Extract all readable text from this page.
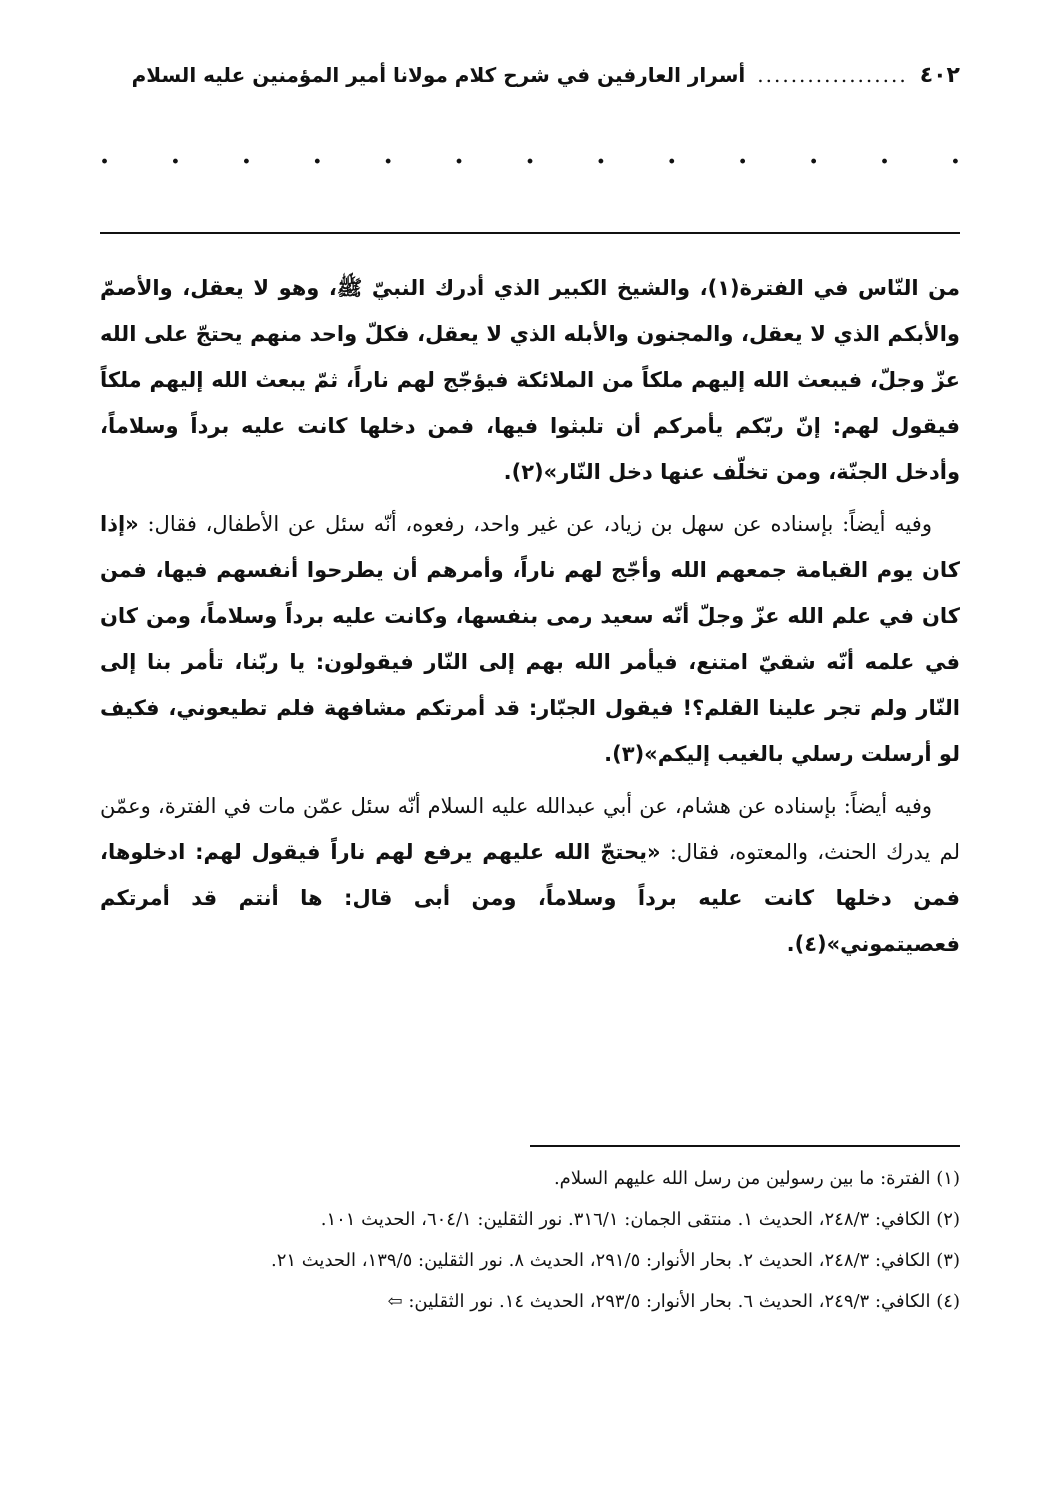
٤٠٢
..................
أسرار العارفين في شرح كلام مولانا أمير المؤمنين عليه السلام
.
.
.
.
.
.
.
.
.
.
.
.
.

من النّاس في الفترة(١)، والشيخ الكبير الذي أدرك النبيّ ﷺ، وهو لا يعقل، والأصمّ والأبكم الذي لا يعقل، والمجنون والأبله الذي لا يعقل، فكلّ واحد منهم يحتجّ على الله عزّ وجلّ، فيبعث الله إليهم ملكاً من الملائكة فيؤجّج لهم ناراً، ثمّ يبعث الله إليهم ملكاً فيقول لهم: إنّ ربّكم يأمركم أن تلبثوا فيها، فمن دخلها كانت عليه برداً وسلاماً، وأدخل الجنّة، ومن تخلّف عنها دخل النّار»(٢).

وفيه أيضاً: بإسناده عن سهل بن زياد، عن غير واحد، رفعوه، أنّه سئل عن الأطفال، فقال: «إذا كان يوم القيامة جمعهم الله وأجّج لهم ناراً، وأمرهم أن يطرحوا أنفسهم فيها، فمن كان في علم الله عزّ وجلّ أنّه سعيد رمى بنفسها، وكانت عليه برداً وسلاماً، ومن كان في علمه أنّه شقيّ امتنع، فيأمر الله بهم إلى النّار فيقولون: يا ربّنا، تأمر بنا إلى النّار ولم تجر علينا القلم؟! فيقول الجبّار: قد أمرتكم مشافهة فلم تطيعوني، فكيف لو أرسلت رسلي بالغيب إليكم»(٣).

وفيه أيضاً: بإسناده عن هشام، عن أبي عبدالله عليه السلام أنّه سئل عمّن مات في الفترة، وعمّن لم يدرك الحنث، والمعتوه، فقال: «يحتجّ الله عليهم يرفع لهم ناراً فيقول لهم: ادخلوها، فمن دخلها كانت عليه برداً وسلاماً، ومن أبى قال: ها أنتم قد أمرتكم فعصيتموني»(٤).

(١) الفترة: ما بين رسولين من رسل الله عليهم السلام.

(٢) الكافي: ٢٤٨/٣، الحديث ١. منتقى الجمان: ٣١٦/١. نور الثقلين: ٦٠٤/١، الحديث ١٠١.

(٣) الكافي: ٢٤٨/٣، الحديث ٢. بحار الأنوار: ٢٩١/٥، الحديث ٨. نور الثقلين: ١٣٩/٥، الحديث ٢١.

(٤) الكافي: ٢٤٩/٣، الحديث ٦. بحار الأنوار: ٢٩٣/٥، الحديث ١٤. نور الثقلين: ⇦
